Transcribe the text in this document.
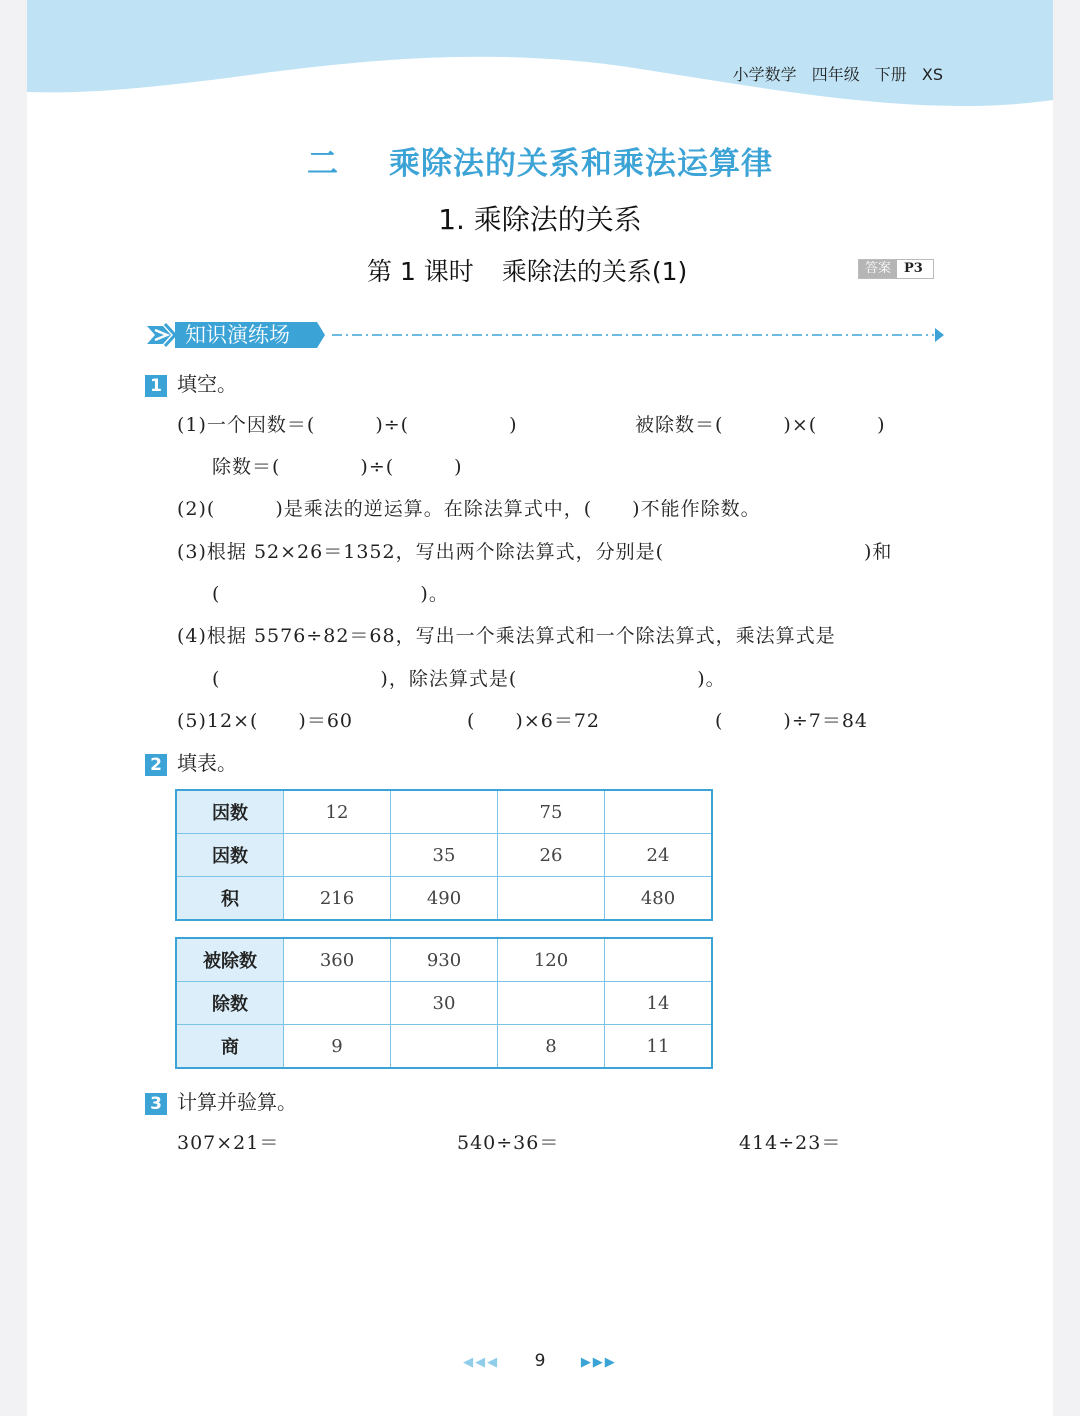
小学数学 四年级 下册 XS
二 乘除法的关系和乘法运算律
1. 乘除法的关系
第 1 课时 乘除法的关系(1)	答案	P3
知识演练场
1 填空。
(1)一个因数＝(　　　)÷(　　　　　)	被除数＝(　　　)×(　　　)
除数＝(　　　　)÷(　　　)
(2)(　　　)是乘法的逆运算。在除法算式中，(　　)不能作除数。
(3)根据 52×26＝1352，写出两个除法算式，分别是(　　　　　　　　　　)和
(　　　　　　　　　　)。
(4)根据 5576÷82＝68，写出一个乘法算式和一个除法算式，乘法算式是
(　　　　　　　　)，除法算式是(　　　　　　　　　)。
(5)12×(　　)＝60	(　　)×6＝72	(　　　)÷7＝84
2 填表。
因数	12		75	
因数		35	26	24
积	216	490		480
被除数	360	930	120	
除数		30		14
商	9		8	11
3 计算并验算。
307×21＝	540÷36＝	414÷23＝
◀◀◀ 9	▶▶▶
